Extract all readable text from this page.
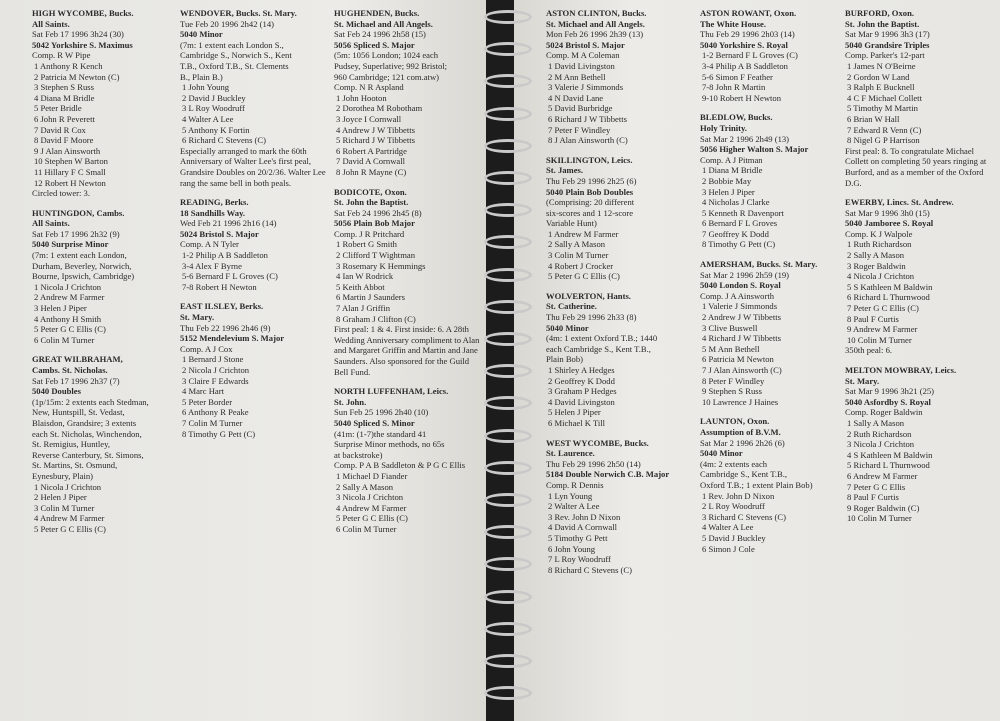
HIGH WYCOMBE, Bucks.
All Saints.
Sat Feb 17 1996 3h24 (30)
5042 Yorkshire S. Maximus
Comp. R W Pipe
1 Anthony R Kench
2 Patricia M Newton (C)
3 Stephen S Russ
4 Diana M Bridle
5 Peter Bridle
6 John R Peverett
7 David R Cox
8 David F Moore
9 J Alan Ainsworth
10 Stephen W Barton
11 Hillary F C Small
12 Robert H Newton
Circled tower: 3.
HUNTINGDON, Cambs.
All Saints.
Sat Feb 17 1996 2h32 (9)
5040 Surprise Minor
(7m: 1 extent each London,
Durham, Beverley, Norwich,
Bourne, Ipswich, Cambridge)
1 Nicola J Crichton
2 Andrew M Farmer
3 Helen J Piper
4 Anthony H Smith
5 Peter G C Ellis (C)
6 Colin M Turner
GREAT WILBRAHAM,
Cambs. St. Nicholas.
Sat Feb 17 1996 2h37 (7)
5040 Doubles
(1p/15m: 2 extents each Stedman,
New, Huntspill, St. Vedast,
Blaisdon, Grandsire; 3 extents
each St. Nicholas, Winchendon,
St. Remigius, Huntley,
Reverse Canterbury, St. Simons,
St. Martins, St. Osmund,
Eynesbury, Plain)
1 Nicola J Crichton
2 Helen J Piper
3 Colin M Turner
4 Andrew M Farmer
5 Peter G C Ellis (C)
WENDOVER, Bucks. St. Mary.
Tue Feb 20 1996 2h42 (14)
5040 Minor
(7m: 1 extent each London S.,
Cambridge S., Norwich S., Kent
T.B., Oxford T.B., St. Clements
B., Plain B.)
1 John Young
2 David J Buckley
3 L Roy Woodruff
4 Walter A Lee
5 Anthony K Fortin
6 Richard C Stevens (C)
Especially arranged to mark the 60th Anniversary of Walter Lee's first peal, Grandsire Doubles on 20/2/36. Walter Lee rang the same bell in both peals.
READING, Berks.
18 Sandhills Way.
Wed Feb 21 1996 2h16 (14)
5024 Bristol S. Major
Comp. A N Tyler
1-2 Philip A B Saddleton
3-4 Alex F Byrne
5-6 Bernard F L Groves (C)
7-8 Robert H Newton
EAST ILSLEY, Berks.
St. Mary.
Thu Feb 22 1996 2h46 (9)
5152 Mendelevium S. Major
Comp. A J Cox
1 Bernard J Stone
2 Nicola J Crichton
3 Claire F Edwards
4 Marc Hart
5 Peter Border
6 Anthony R Peake
7 Colin M Turner
8 Timothy G Pett (C)
HUGHENDEN, Bucks.
St. Michael and All Angels.
Sat Feb 24 1996 2h58 (15)
5056 Spliced S. Major
(5m: 1056 London; 1024 each
Pudsey, Superlative; 992 Bristol;
960 Cambridge; 121 com.atw)
Comp. N R Aspland
1 John Hooton
2 Dorothea M Robotham
3 Joyce I Cornwall
4 Andrew J W Tibbetts
5 Richard J W Tibbetts
6 Robert A Partridge
7 David A Cornwall
8 John R Mayne (C)
BODICOTE, Oxon.
St. John the Baptist.
Sat Feb 24 1996 2h45 (8)
5056 Plain Bob Major
Comp. J R Pritchard
1 Robert G Smith
2 Clifford T Wightman
3 Rosemary K Hemmings
4 Ian W Rodrick
5 Keith Abbot
6 Martin J Saunders
7 Alan J Griffin
8 Graham J Clifton (C)
First peal: 1 & 4. First inside: 6. A 28th Wedding Anniversary compliment to Alan and Margaret Griffin and Martin and Jane Saunders. Also sponsored for the Guild Bell Fund.
NORTH LUFFENHAM, Leics.
St. John.
Sun Feb 25 1996 2h40 (10)
5040 Spliced S. Minor
(41m: (1-7)the standard 41
Surprise Minor methods, no 65s
at backstroke)
Comp. P A B Saddleton & P G C Ellis
1 Michael D Fiander
2 Sally A Mason
3 Nicola J Crichton
4 Andrew M Farmer
5 Peter G C Ellis (C)
6 Colin M Turner
ASTON CLINTON, Bucks.
St. Michael and All Angels.
Mon Feb 26 1996 2h39 (13)
5024 Bristol S. Major
Comp. M A Coleman
1 David Livingston
2 M Ann Bethell
3 Valerie J Simmonds
4 N David Lane
5 David Burbridge
6 Richard J W Tibbetts
7 Peter F Windley
8 J Alan Ainsworth (C)
SKILLINGTON, Leics.
St. James.
Thu Feb 29 1996 2h25 (6)
5040 Plain Bob Doubles
(Comprising: 20 different
six-scores and 1 12-score
Variable Hunt)
1 Andrew M Farmer
2 Sally A Mason
3 Colin M Turner
4 Robert J Crocker
5 Peter G C Ellis (C)
WOLVERTON, Hants.
St. Catherine.
Thu Feb 29 1996 2h33 (8)
5040 Minor
(4m: 1 extent Oxford T.B.; 1440
each Cambridge S., Kent T.B.,
Plain Bob)
1 Shirley A Hedges
2 Geoffrey K Dodd
3 Graham P Hedges
4 David Livingston
5 Helen J Piper
6 Michael K Till
WEST WYCOMBE, Bucks.
St. Laurence.
Thu Feb 29 1996 2h50 (14)
5184 Double Norwich C.B. Major
Comp. R Dennis
1 Lyn Young
2 Walter A Lee
3 Rev. John D Nixon
4 David A Cornwall
5 Timothy G Pett
6 John Young
7 L Roy Woodruff
8 Richard C Stevens (C)
ASTON ROWANT, Oxon.
The White House.
Thu Feb 29 1996 2h03 (14)
5040 Yorkshire S. Royal
1-2 Bernard F L Groves (C)
3-4 Philip A B Saddleton
5-6 Simon F Feather
7-8 John R Martin
9-10 Robert H Newton
BLEDLOW, Bucks.
Holy Trinity.
Sat Mar 2 1996 2h49 (13)
5056 Higher Walton S. Major
Comp. A J Pitman
1 Diana M Bridle
2 Bobbie May
3 Helen J Piper
4 Nicholas J Clarke
5 Kenneth R Davenport
6 Bernard F L Groves
7 Geoffrey K Dodd
8 Timothy G Pett (C)
AMERSHAM, Bucks. St. Mary.
Sat Mar 2 1996 2h59 (19)
5040 London S. Royal
Comp. J A Ainsworth
1 Valerie J Simmonds
2 Andrew J W Tibbetts
3 Clive Buswell
4 Richard J W Tibbetts
5 M Ann Bethell
6 Patricia M Newton
7 J Alan Ainsworth (C)
8 Peter F Windley
9 Stephen S Russ
10 Lawrence J Haines
LAUNTON, Oxon.
Assumption of B.V.M.
Sat Mar 2 1996 2h26 (6)
5040 Minor
(4m: 2 extents each
Cambridge S., Kent T.B.,
Oxford T.B.; 1 extent Plain Bob)
1 Rev. John D Nixon
2 L Roy Woodruff
3 Richard C Stevens (C)
4 Walter A Lee
5 David J Buckley
6 Simon J Cole
BURFORD, Oxon.
St. John the Baptist.
Sat Mar 9 1996 3h3 (17)
5040 Grandsire Triples
Comp. Parker's 12-part
1 James N O'Beirne
2 Gordon W Land
3 Ralph E Bucknell
4 C F Michael Collett
5 Timothy M Martin
6 Brian W Hall
7 Edward R Venn (C)
8 Nigel G P Harrison
First peal: 8. To congratulate Michael Collett on completing 50 years ringing at Burford, and as a member of the Oxford D.G.
EWERBY, Lincs. St. Andrew.
Sat Mar 9 1996 3h0 (15)
5040 Jamboree S. Royal
Comp. K J Walpole
1 Ruth Richardson
2 Sally A Mason
3 Roger Baldwin
4 Nicola J Crichton
5 S Kathleen M Baldwin
6 Richard L Thurnwood
7 Peter G C Ellis (C)
8 Paul F Curtis
9 Andrew M Farmer
10 Colin M Turner
350th peal: 6.
MELTON MOWBRAY, Leics.
St. Mary.
Sat Mar 9 1996 3h21 (25)
5040 Asfordby S. Royal
Comp. Roger Baldwin
1 Sally A Mason
2 Ruth Richardson
3 Nicola J Crichton
4 S Kathleen M Baldwin
5 Richard L Thurnwood
6 Andrew M Farmer
7 Peter G C Ellis
8 Paul F Curtis
9 Roger Baldwin (C)
10 Colin M Turner
